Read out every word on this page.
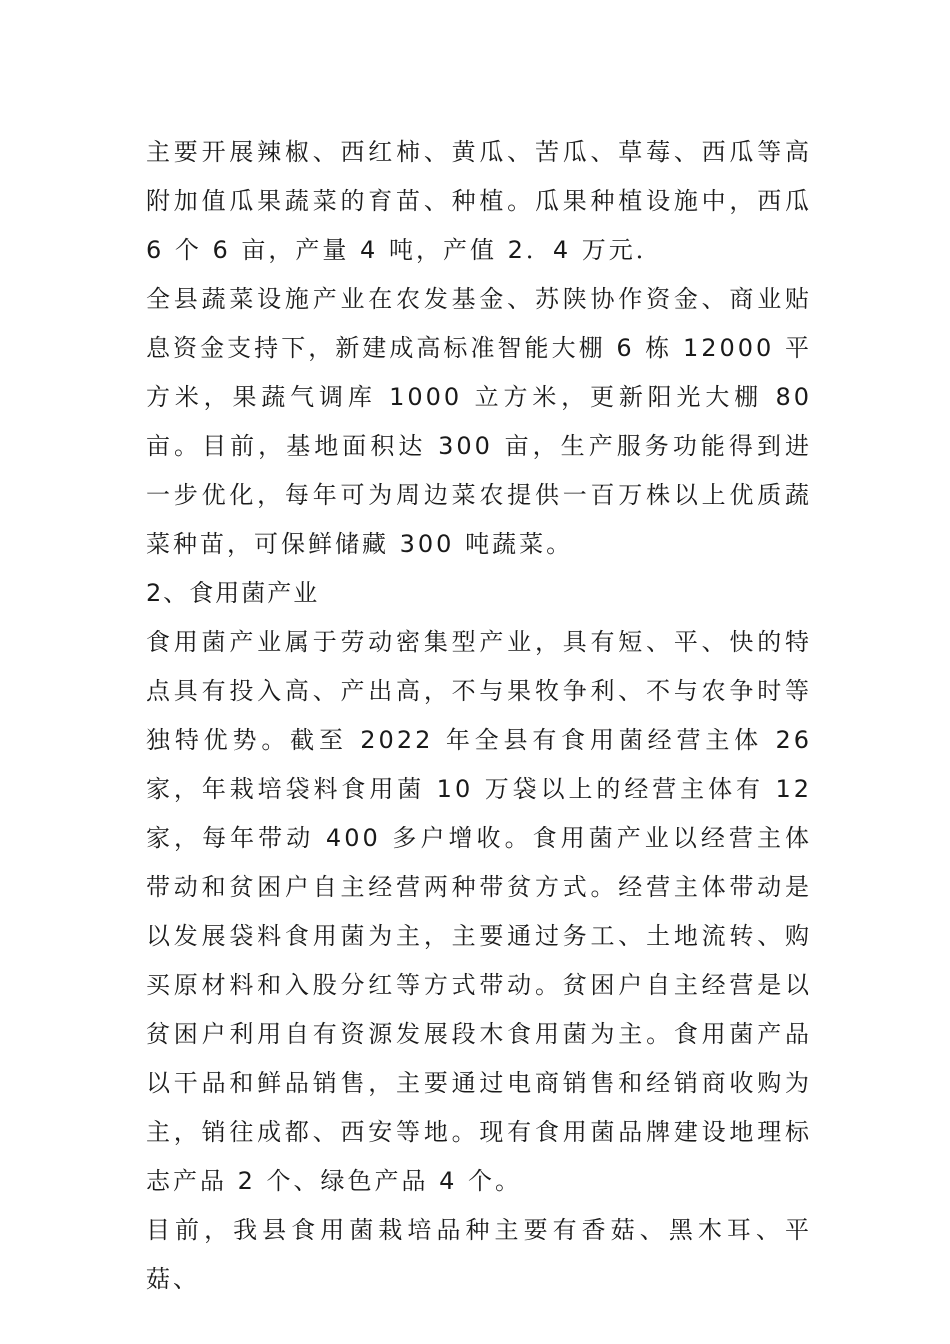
主要开展辣椒、西红柿、黄瓜、苦瓜、草莓、西瓜等高附加值瓜果蔬菜的育苗、种植。瓜果种植设施中，西瓜 6 个 6 亩，产量 4 吨，产值 2．4 万元．

全县蔬菜设施产业在农发基金、苏陕协作资金、商业贴息资金支持下，新建成高标准智能大棚 6 栋 12000 平方米，果蔬气调库 1000 立方米，更新阳光大棚 80 亩。目前，基地面积达 300 亩，生产服务功能得到进一步优化，每年可为周边菜农提供一百万株以上优质蔬菜种苗，可保鲜储藏 300 吨蔬菜。

2、食用菌产业

食用菌产业属于劳动密集型产业，具有短、平、快的特点具有投入高、产出高，不与果牧争利、不与农争时等独特优势。截至 2022 年全县有食用菌经营主体 26 家，年栽培袋料食用菌 10 万袋以上的经营主体有 12 家，每年带动 400 多户增收。食用菌产业以经营主体带动和贫困户自主经营两种带贫方式。经营主体带动是以发展袋料食用菌为主，主要通过务工、土地流转、购买原材料和入股分红等方式带动。贫困户自主经营是以贫困户利用自有资源发展段木食用菌为主。食用菌产品以干品和鲜品销售，主要通过电商销售和经销商收购为主，销往成都、西安等地。现有食用菌品牌建设地理标志产品 2 个、绿色产品 4 个。

目前，我县食用菌栽培品种主要有香菇、黑木耳、平菇、
